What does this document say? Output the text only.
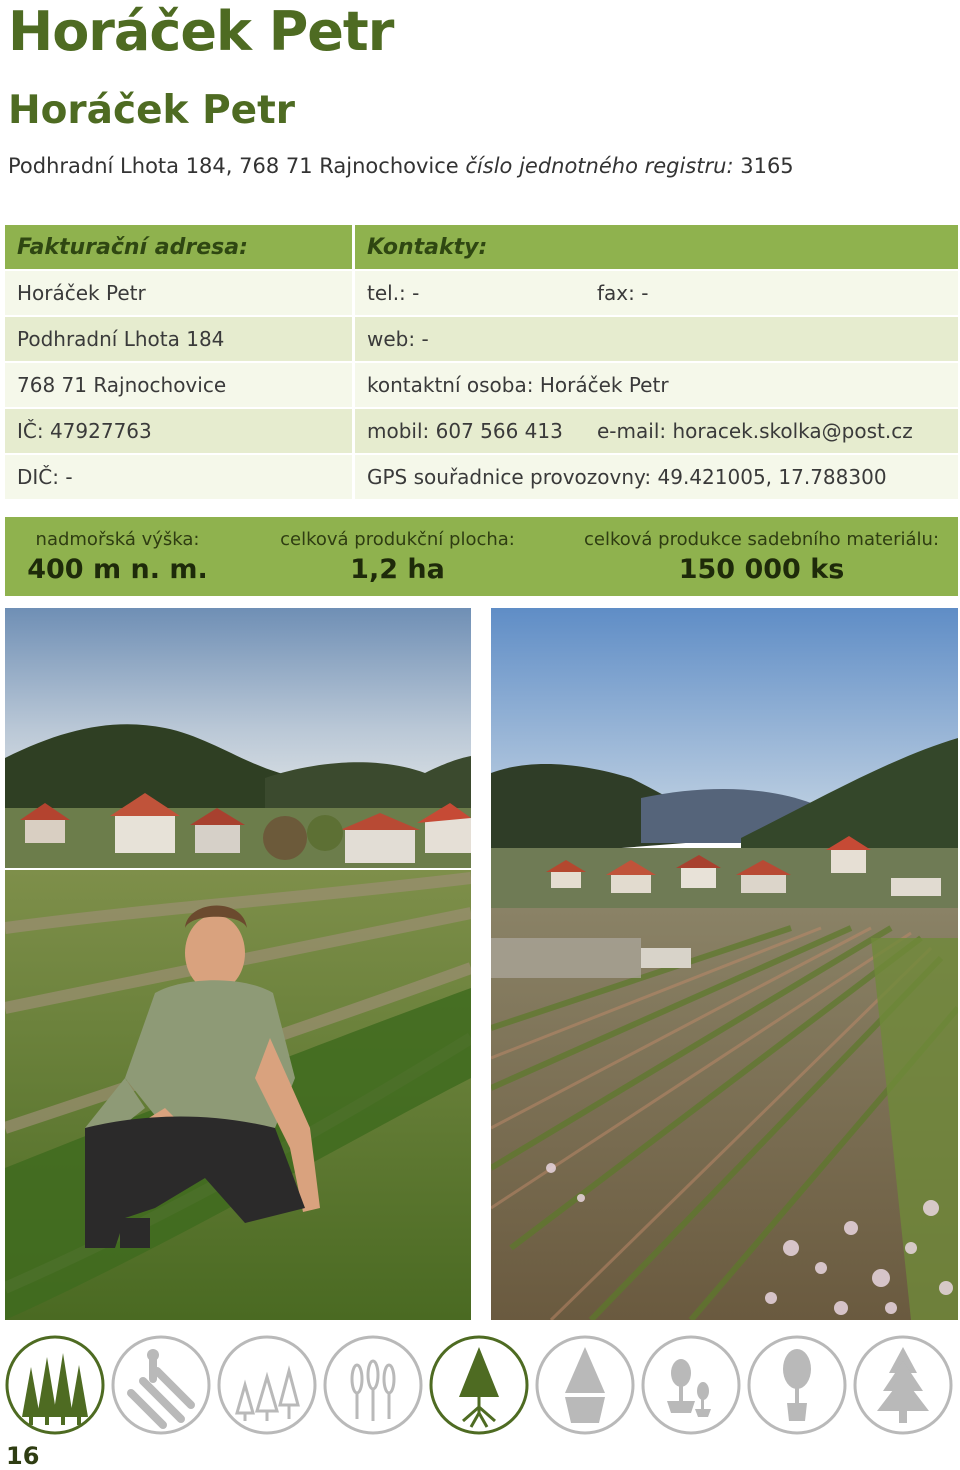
Horáček Petr
Horáček Petr
Podhradní Lhota 184, 768 71 Rajnochovice číslo jednotného registru: 3165
Fakturační adresa:	Kontakty:
Horáček Petr	tel.: -	fax: -
Podhradní Lhota 184	web: -
768 71 Rajnochovice	kontaktní osoba: Horáček Petr
IČ: 47927763	mobil: 607 566 413	e-mail: horacek.skolka@post.cz
DIČ: -	GPS souřadnice provozovny: 49.421005, 17.788300
nadmořská výška:
400 m n. m.
celková produkční plocha:
1,2 ha
celková produkce sadebního materiálu:
150 000 ks
16
